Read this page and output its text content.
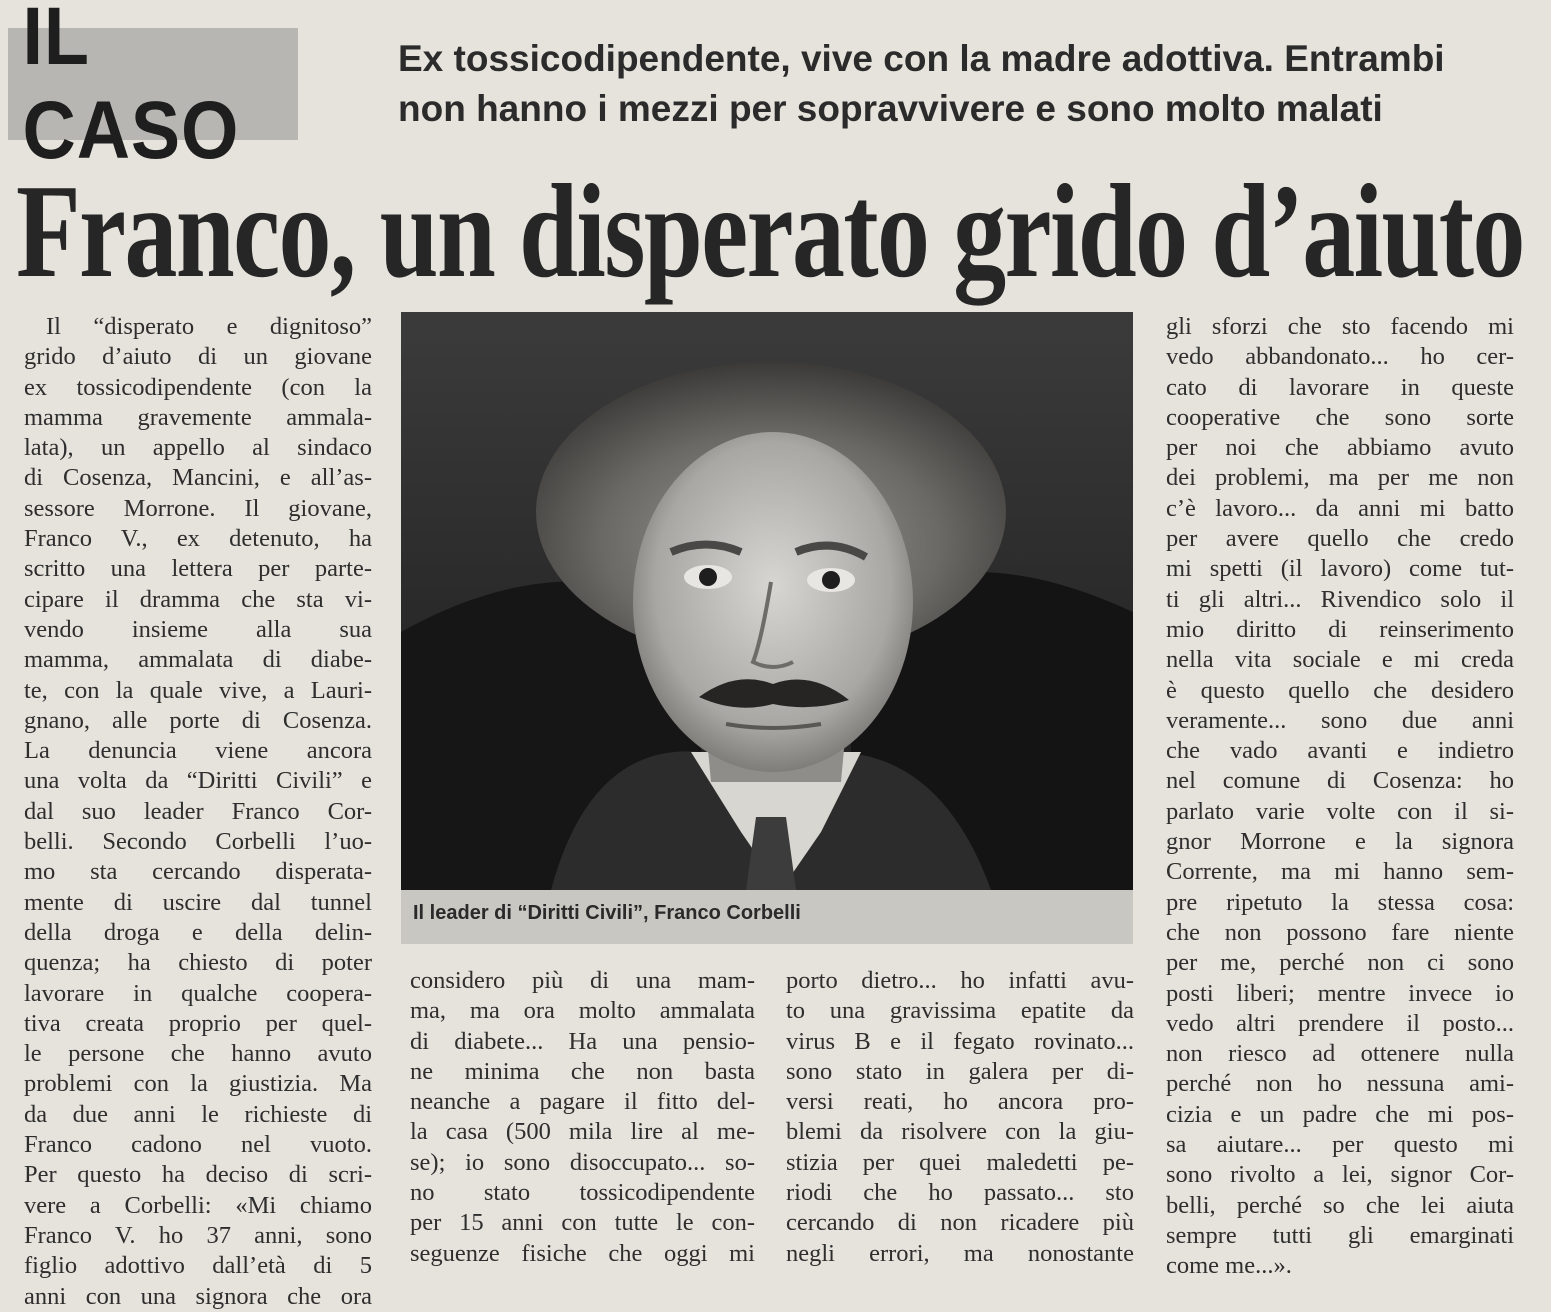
IL CASO
Ex tossicodipendente, vive con la madre adottiva. Entrambi
non hanno i mezzi per sopravvivere e sono molto malati
Franco, un disperato grido d’aiuto
Il “disperato e dignitoso”
grido d’aiuto di un giovane
ex tossicodipendente (con la
mamma gravemente ammala-
lata), un appello al sindaco
di Cosenza, Mancini, e all’as-
sessore Morrone. Il giovane,
Franco V., ex detenuto, ha
scritto una lettera per parte-
cipare il dramma che sta vi-
vendo insieme alla sua
mamma, ammalata di diabe-
te, con la quale vive, a Lauri-
gnano, alle porte di Cosenza.
La denuncia viene ancora
una volta da “Diritti Civili” e
dal suo leader Franco Cor-
belli. Secondo Corbelli l’uo-
mo sta cercando disperata-
mente di uscire dal tunnel
della droga e della delin-
quenza; ha chiesto di poter
lavorare in qualche coopera-
tiva creata proprio per quel-
le persone che hanno avuto
problemi con la giustizia. Ma
da due anni le richieste di
Franco cadono nel vuoto.
Per questo ha deciso di scri-
vere a Corbelli: «Mi chiamo
Franco V. ho 37 anni, sono
figlio adottivo dall’età di 5
anni con una signora che ora
Il leader di “Diritti Civili”, Franco Corbelli
considero più di una mam-
ma, ma ora molto ammalata
di diabete... Ha una pensio-
ne minima che non basta
neanche a pagare il fitto del-
la casa (500 mila lire al me-
se); io sono disoccupato... so-
no stato tossicodipendente
per 15 anni con tutte le con-
seguenze fisiche che oggi mi
porto dietro... ho infatti avu-
to una gravissima epatite da
virus B e il fegato rovinato...
sono stato in galera per di-
versi reati, ho ancora pro-
blemi da risolvere con la giu-
stizia per quei maledetti pe-
riodi che ho passato... sto
cercando di non ricadere più
negli errori, ma nonostante
gli sforzi che sto facendo mi
vedo abbandonato... ho cer-
cato di lavorare in queste
cooperative che sono sorte
per noi che abbiamo avuto
dei problemi, ma per me non
c’è lavoro... da anni mi batto
per avere quello che credo
mi spetti (il lavoro) come tut-
ti gli altri... Rivendico solo il
mio diritto di reinserimento
nella vita sociale e mi creda
è questo quello che desidero
veramente... sono due anni
che vado avanti e indietro
nel comune di Cosenza: ho
parlato varie volte con il si-
gnor Morrone e la signora
Corrente, ma mi hanno sem-
pre ripetuto la stessa cosa:
che non possono fare niente
per me, perché non ci sono
posti liberi; mentre invece io
vedo altri prendere il posto...
non riesco ad ottenere nulla
perché non ho nessuna ami-
cizia e un padre che mi pos-
sa aiutare... per questo mi
sono rivolto a lei, signor Cor-
belli, perché so che lei aiuta
sempre tutti gli emarginati
come me...».
